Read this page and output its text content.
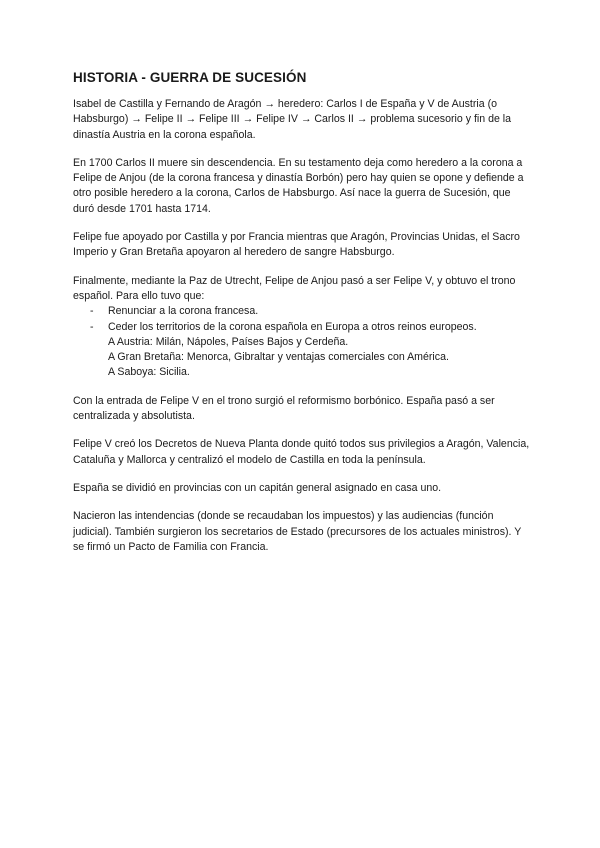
HISTORIA - GUERRA DE SUCESIÓN

Isabel de Castilla y Fernando de Aragón → heredero: Carlos I de España y V de Austria (o Habsburgo) → Felipe II → Felipe III → Felipe IV → Carlos II → problema sucesorio y fin de la dinastía Austria en la corona española.

En 1700 Carlos II muere sin descendencia. En su testamento deja como heredero a la corona a Felipe de Anjou (de la corona francesa y dinastía Borbón) pero hay quien se opone y defiende a otro posible heredero a la corona, Carlos de Habsburgo. Así nace la guerra de Sucesión, que duró desde 1701 hasta 1714.

Felipe fue apoyado por Castilla y por Francia mientras que Aragón, Provincias Unidas, el Sacro Imperio y Gran Bretaña apoyaron al heredero de sangre Habsburgo.

Finalmente, mediante la Paz de Utrecht, Felipe de Anjou pasó a ser Felipe V, y obtuvo el trono español. Para ello tuvo que:

- Renunciar a la corona francesa.
- Ceder los territorios de la corona española en Europa a otros reinos europeos.
A Austria: Milán, Nápoles, Países Bajos y Cerdeña.
A Gran Bretaña: Menorca, Gibraltar y ventajas comerciales con América.
A Saboya: Sicilia.

Con la entrada de Felipe V en el trono surgió el reformismo borbónico. España pasó a ser centralizada y absolutista.

Felipe V creó los Decretos de Nueva Planta donde quitó todos sus privilegios a Aragón, Valencia, Cataluña y Mallorca y centralizó el modelo de Castilla en toda la península.

España se dividió en provincias con un capitán general asignado en casa uno.

Nacieron las intendencias (donde se recaudaban los impuestos) y las audiencias (función judicial). También surgieron los secretarios de Estado (precursores de los actuales ministros). Y se firmó un Pacto de Familia con Francia.
